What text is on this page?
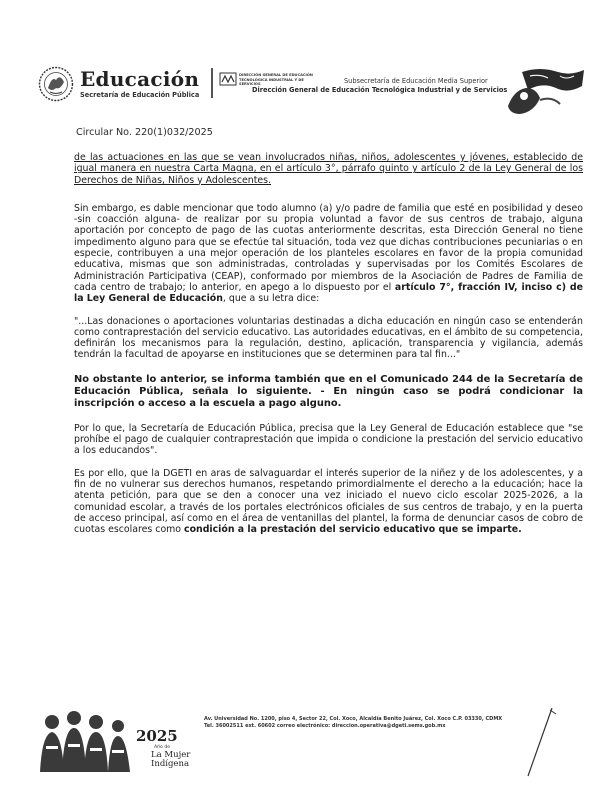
Educación
Secretaría de Educación Pública
DIRECCIÓN GENERAL DE EDUCACIÓN TECNOLÓGICA INDUSTRIAL Y DE SERVICIOS	Subsecretaría de Educación Media Superior
Dirección General de Educación Tecnológica Industrial y de Servicios
Circular No. 220(1)032/2025

de las actuaciones en las que se vean involucrados niñas, niños, adolescentes y jóvenes, establecido de igual manera en nuestra Carta Magna, en el artículo 3°, párrafo quinto y artículo 2 de la Ley General de los Derechos de Niñas, Niños y Adolescentes.

Sin embargo, es dable mencionar que todo alumno (a) y/o padre de familia que esté en posibilidad y deseo -sin coacción alguna- de realizar por su propia voluntad a favor de sus centros de trabajo, alguna aportación por concepto de pago de las cuotas anteriormente descritas, esta Dirección General no tiene impedimento alguno para que se efectúe tal situación, toda vez que dichas contribuciones pecuniarias o en especie, contribuyen a una mejor operación de los planteles escolares en favor de la propia comunidad educativa, mismas que son administradas, controladas y supervisadas por los Comités Escolares de Administración Participativa (CEAP), conformado por miembros de la Asociación de Padres de Familia de cada centro de trabajo; lo anterior, en apego a lo dispuesto por el artículo 7°, fracción IV, inciso c) de la Ley General de Educación, que a su letra dice:

"...Las donaciones o aportaciones voluntarias destinadas a dicha educación en ningún caso se entenderán como contraprestación del servicio educativo. Las autoridades educativas, en el ámbito de su competencia, definirán los mecanismos para la regulación, destino, aplicación, transparencia y vigilancia, además tendrán la facultad de apoyarse en instituciones que se determinen para tal fin..."

No obstante lo anterior, se informa también que en el Comunicado 244 de la Secretaría de Educación Pública, señala lo siguiente. - En ningún caso se podrá condicionar la inscripción o acceso a la escuela a pago alguno.

Por lo que, la Secretaría de Educación Pública, precisa que la Ley General de Educación establece que "se prohíbe el pago de cualquier contraprestación que impida o condicione la prestación del servicio educativo a los educandos".

Es por ello, que la DGETI en aras de salvaguardar el interés superior de la niñez y de los adolescentes, y a fin de no vulnerar sus derechos humanos, respetando primordialmente el derecho a la educación; hace la atenta petición, para que se den a conocer una vez iniciado el nuevo ciclo escolar 2025-2026, a la comunidad escolar, a través de los portales electrónicos oficiales de sus centros de trabajo, y en la puerta de acceso principal, así como en el área de ventanillas del plantel, la forma de denunciar casos de cobro de cuotas escolares como condición a la prestación del servicio educativo que se imparte.

2025
Año de
La Mujer Indígena
Av. Universidad No. 1200, piso 4, Sector 22, Col. Xoco, Alcaldía Benito Juárez, Col. Xoco C.P. 03330, CDMX
Tel. 36002511 ext. 60602 correo electrónico: direccion.operativa@dgeti.sems.gob.mx
